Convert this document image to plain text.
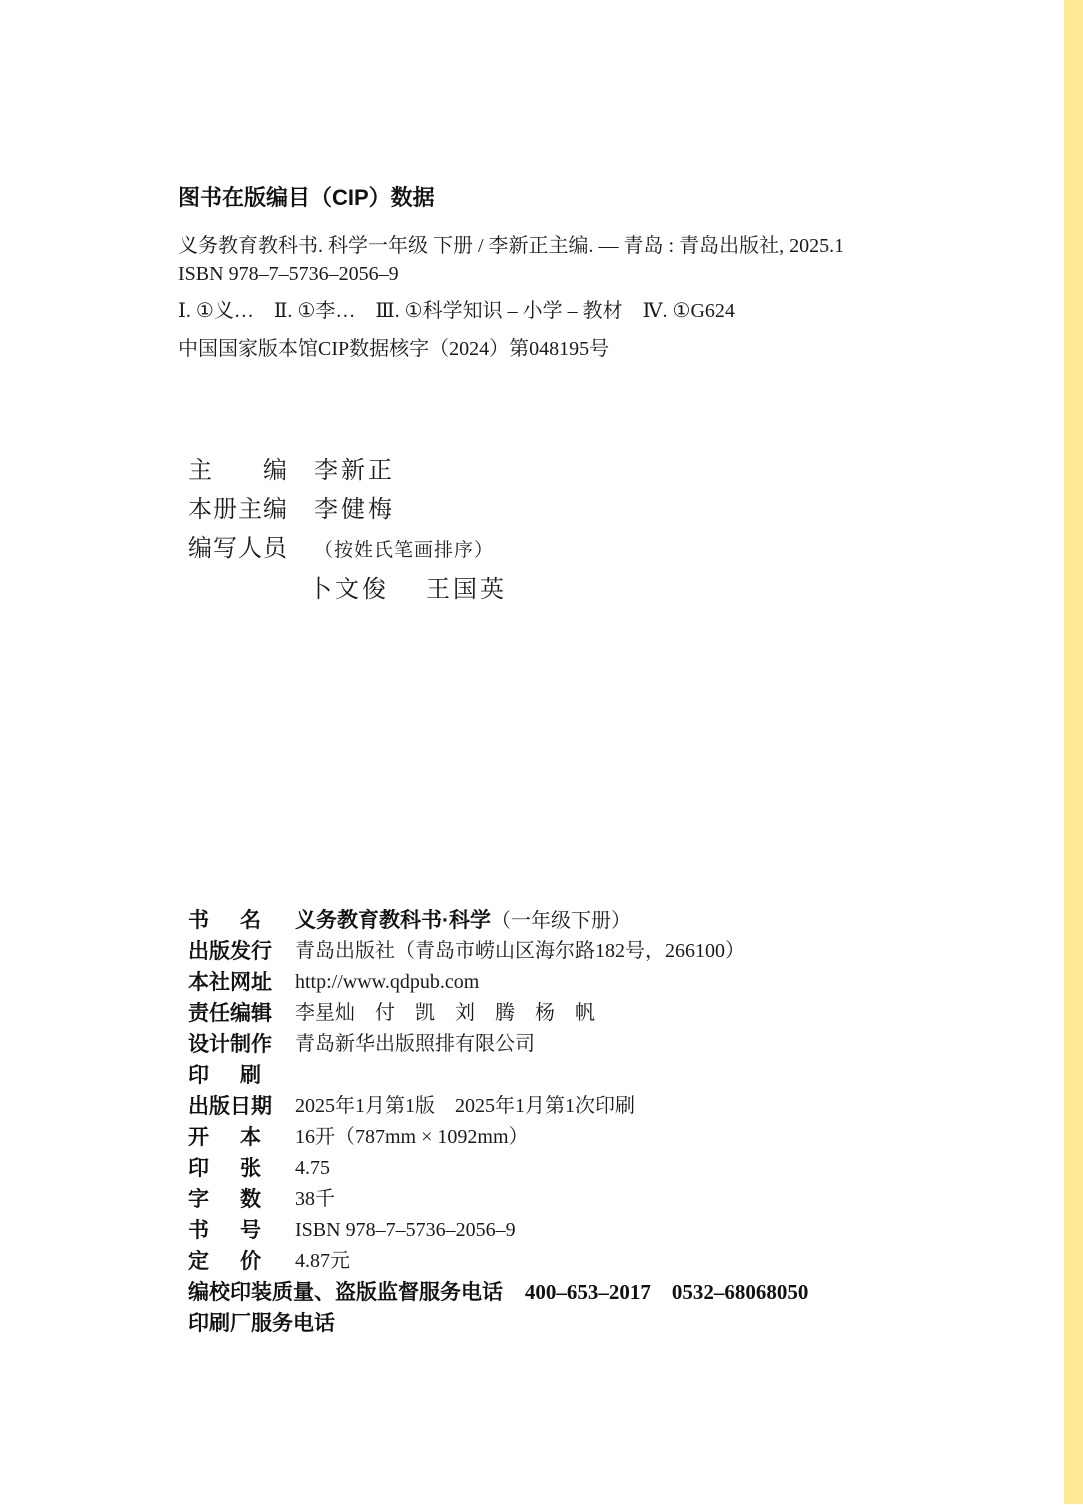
图书在版编目（CIP）数据

义务教育教科书. 科学一年级 下册 / 李新正主编. — 青岛 : 青岛出版社, 2025.1

ISBN 978–7–5736–2056–9

Ⅰ. ①义…　Ⅱ. ①李…　Ⅲ. ①科学知识 – 小学 – 教材　Ⅳ. ①G624

中国国家版本馆CIP数据核字（2024）第048195号

主编 李新正
本册主编 李健梅
编写人员 （按姓氏笔画排序）
卜文俊 王国英
书名 义务教育教科书·科学（一年级下册）
出版发行 青岛出版社（青岛市崂山区海尔路182号，266100）
本社网址 http://www.qdpub.com
责任编辑 李星灿　付　凯　刘　腾　杨　帆
设计制作 青岛新华出版照排有限公司
印刷
出版日期 2025年1月第1版　2025年1月第1次印刷
开本 16开（787mm × 1092mm）
印张 4.75
字数 38千
书号 ISBN 978–7–5736–2056–9
定价 4.87元
编校印装质量、盗版监督服务电话 400–653–2017　0532–68068050
印刷厂服务电话
